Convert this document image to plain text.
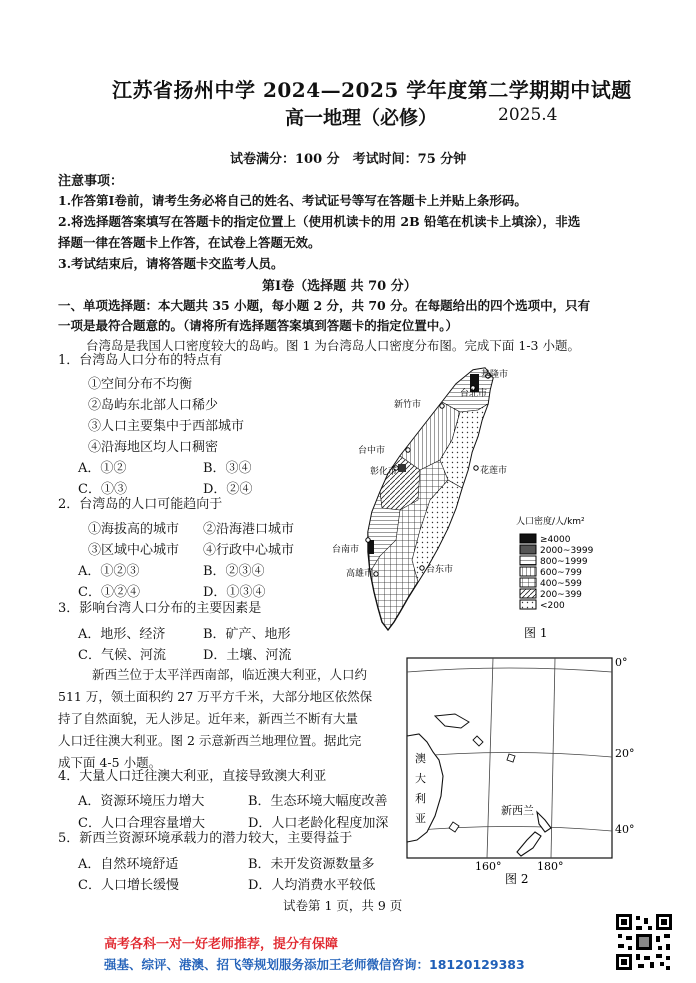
江苏省扬州中学 2024—2025 学年度第二学期期中试题
高一地理（必修）	2025.4
试卷满分：100 分　考试时间：75 分钟
注意事项：
1.作答第Ⅰ卷前，请考生务必将自己的姓名、考试证号等写在答题卡上并贴上条形码。
2.将选择题答案填写在答题卡的指定位置上（使用机读卡的用 2B 铅笔在机读卡上填涂），非选
择题一律在答题卡上作答，在试卷上答题无效。
3.考试结束后，请将答题卡交监考人员。
第Ⅰ卷（选择题 共 70 分）
一、单项选择题：本大题共 35 小题，每小题 2 分，共 70 分。在每题给出的四个选项中，只有
一项是最符合题意的。（请将所有选择题答案填到答题卡的指定位置中。）
台湾岛是我国人口密度较大的岛屿。图 1 为台湾岛人口密度分布图。完成下面 1-3 小题。
1．台湾岛人口分布的特点有
①空间分布不均衡
②岛屿东北部人口稀少
③人口主要集中于西部城市
④沿海地区均人口稠密
A．①②	B．③④
C．①③	D．②④
2．台湾岛的人口可能趋向于
①海拔高的城市 ②沿海港口城市
③区域中心城市 ④行政中心城市
A．①②③	B．②③④
C．①②④	D．①③④
3．影响台湾人口分布的主要因素是
A．地形、经济	B．矿产、地形
C．气候、河流	D．土壤、河流
新西兰位于太平洋西南部，临近澳大利亚，人口约
511 万，领土面积约 27 万平方千米，大部分地区依然保
持了自然面貌，无人涉足。近年来，新西兰不断有大量
人口迁往澳大利亚。图 2 示意新西兰地理位置。据此完
成下面 4-5 小题。
4．大量人口迁往澳大利亚，直接导致澳大利亚
A．资源环境压力增大	B．生态环境大幅度改善
C．人口合理容量增大	D．人口老龄化程度加深
5．新西兰资源环境承载力的潜力较大，主要得益于
A．自然环境舒适	B．未开发资源数量多
C．人口增长缓慢	D．人均消费水平较低
基隆市
台北市
新竹市
台中市
彰化市	花莲市
台南市
高雄市	台东市
人口密度/人/km²
≥4000
2000~3999
800~1999
600~799
400~599
200~399
<200
图 1
澳
大
利
亚
新西兰
0°
20°
40°
160°	180°
图 2
试卷第 1 页，共 9 页
高考各科一对一好老师推荐，提分有保障
强基、综评、港澳、招飞等规划服务添加王老师微信咨询：18120129383
